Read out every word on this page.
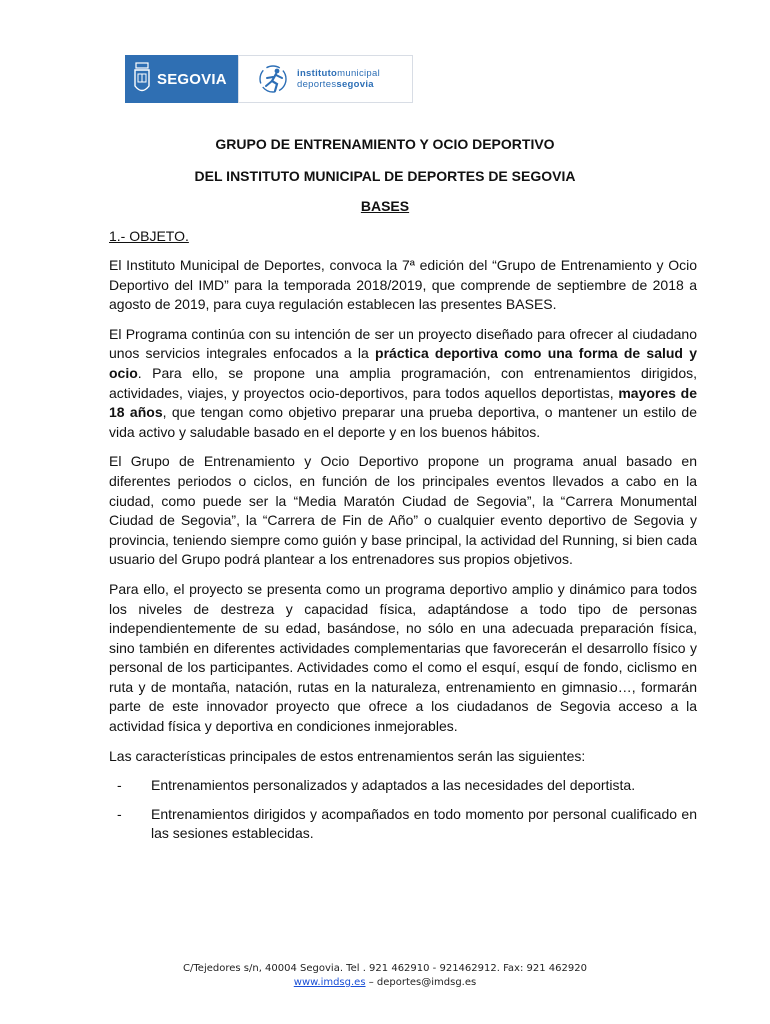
SEGOVIA	institutomunicipal
deportessegovia
GRUPO DE ENTRENAMIENTO Y OCIO DEPORTIVO
DEL INSTITUTO MUNICIPAL DE DEPORTES DE SEGOVIA
BASES
1.- OBJETO.

El Instituto Municipal de Deportes, convoca la 7ª edición del “Grupo de Entrenamiento y Ocio Deportivo del IMD” para la temporada 2018/2019, que comprende de septiembre de 2018 a agosto de 2019, para cuya regulación establecen las presentes BASES.

El Programa continúa con su intención de ser un proyecto diseñado para ofrecer al ciudadano unos servicios integrales enfocados a la práctica deportiva como una forma de salud y ocio. Para ello, se propone una amplia programación, con entrenamientos dirigidos, actividades, viajes, y proyectos ocio-deportivos, para todos aquellos deportistas, mayores de 18 años, que tengan como objetivo preparar una prueba deportiva, o mantener un estilo de vida activo y saludable basado en el deporte y en los buenos hábitos.

El Grupo de Entrenamiento y Ocio Deportivo propone un programa anual basado en diferentes periodos o ciclos, en función de los principales eventos llevados a cabo en la ciudad, como puede ser la “Media Maratón Ciudad de Segovia”, la “Carrera Monumental Ciudad de Segovia”, la “Carrera de Fin de Año” o cualquier evento deportivo de Segovia y provincia, teniendo siempre como guión y base principal, la actividad del Running, si bien cada usuario del Grupo podrá plantear a los entrenadores sus propios objetivos.

Para ello, el proyecto se presenta como un programa deportivo amplio y dinámico para todos los niveles de destreza y capacidad física, adaptándose a todo tipo de personas independientemente de su edad, basándose, no sólo en una adecuada preparación física, sino también en diferentes actividades complementarias que favorecerán el desarrollo físico y personal de los participantes. Actividades como el como el esquí, esquí de fondo, ciclismo en ruta y de montaña, natación, rutas en la naturaleza, entrenamiento en gimnasio…, formarán parte de este innovador proyecto que ofrece a los ciudadanos de Segovia acceso a la actividad física y deportiva en condiciones inmejorables.

Las características principales de estos entrenamientos serán las siguientes:

-	Entrenamientos personalizados y adaptados a las necesidades del deportista.
-	Entrenamientos dirigidos y acompañados en todo momento por personal cualificado en las sesiones establecidas.
C/Tejedores s/n, 40004 Segovia. Tel . 921 462910 - 921462912. Fax: 921 462920
www.imdsg.es – deportes@imdsg.es
